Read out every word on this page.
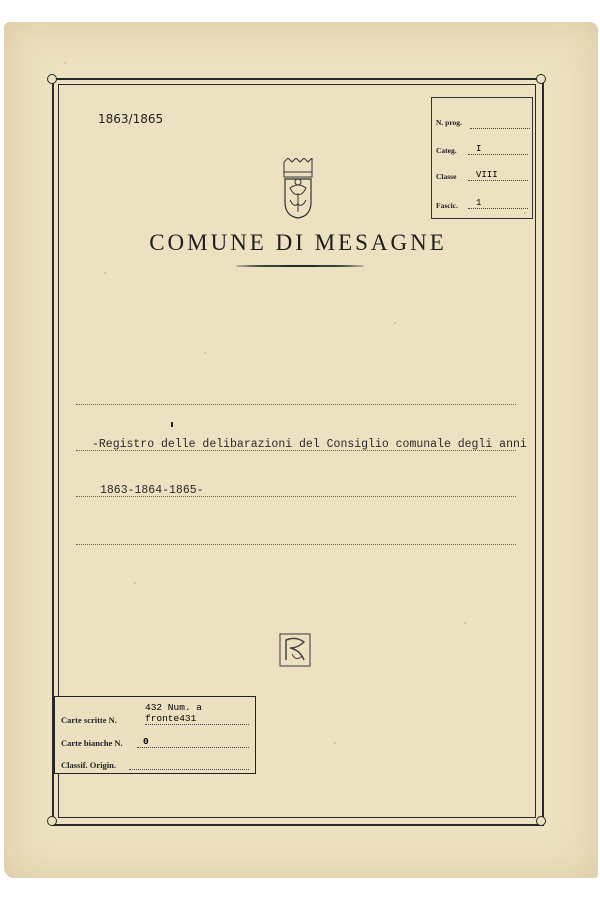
1863/1865	N. prog.
Categ. I
Classe VIII
Fascic. 1
COMUNE DI MESAGNE
-Registro delle delibarazioni del Consiglio comunale degli anni
1863-1864-1865-
Carte scritte N.
432 Num. a fronte431
Carte bianche N. 0
Classif. Origin.
